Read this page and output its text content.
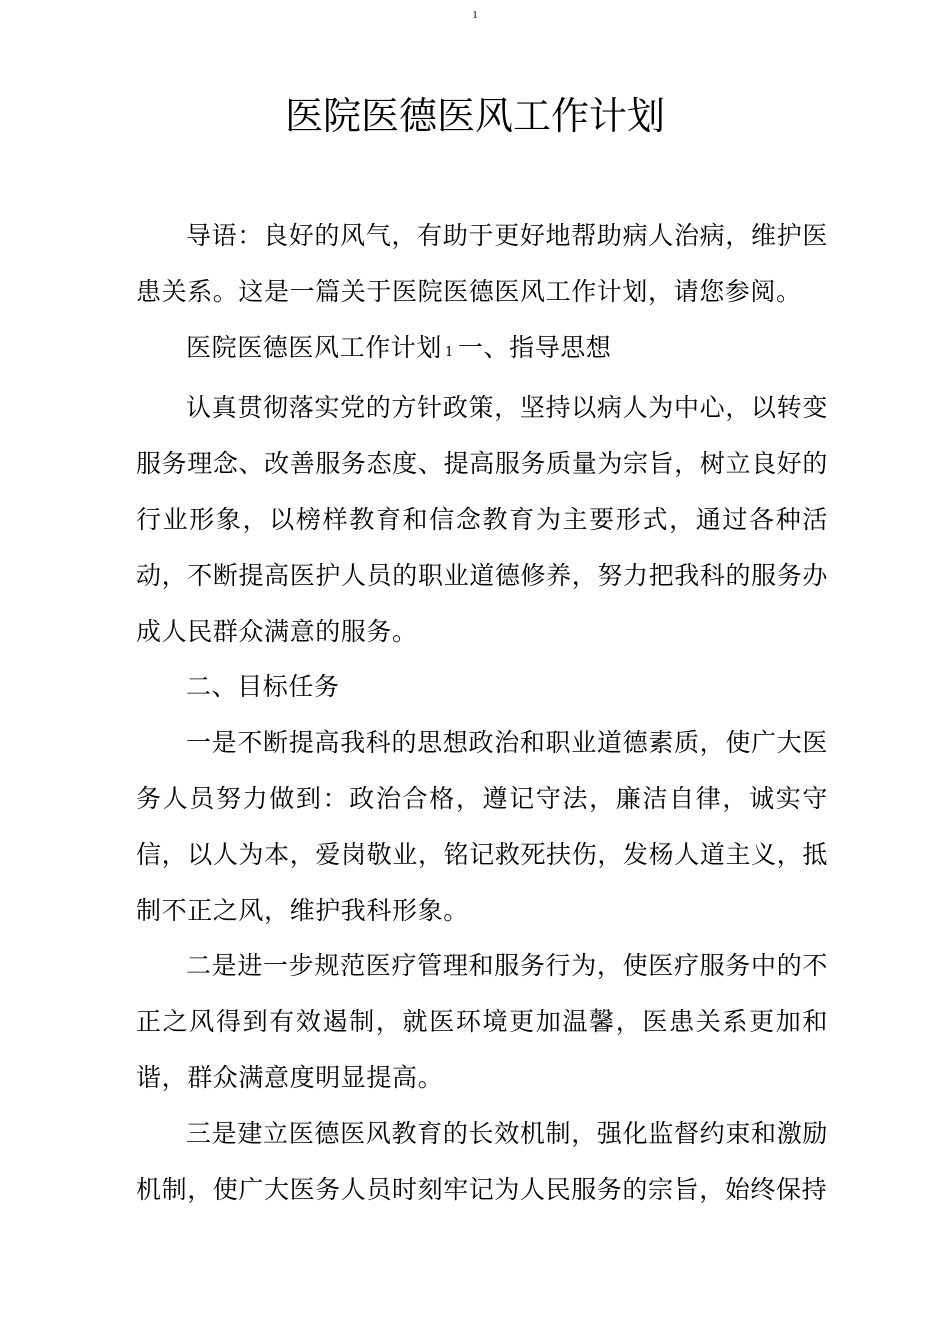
1
医院医德医风工作计划

导语：良好的风气，有助于更好地帮助病人治病，维护医患关系。这是一篇关于医院医德医风工作计划，请您参阅。

医院医德医风工作计划 1 一、指导思想

认真贯彻落实党的方针政策，坚持以病人为中心，以转变服务理念、改善服务态度、提高服务质量为宗旨，树立良好的行业形象，以榜样教育和信念教育为主要形式，通过各种活动，不断提高医护人员的职业道德修养，努力把我科的服务办成人民群众满意的服务。

二、目标任务

一是不断提高我科的思想政治和职业道德素质，使广大医务人员努力做到：政治合格，遵记守法，廉洁自律，诚实守信，以人为本，爱岗敬业，铭记救死扶伤，发杨人道主义，抵制不正之风，维护我科形象。

二是进一步规范医疗管理和服务行为，使医疗服务中的不正之风得到有效遏制，就医环境更加温馨，医患关系更加和谐，群众满意度明显提高。

三是建立医德医风教育的长效机制，强化监督约束和激励机制，使广大医务人员时刻牢记为人民服务的宗旨，始终保持
